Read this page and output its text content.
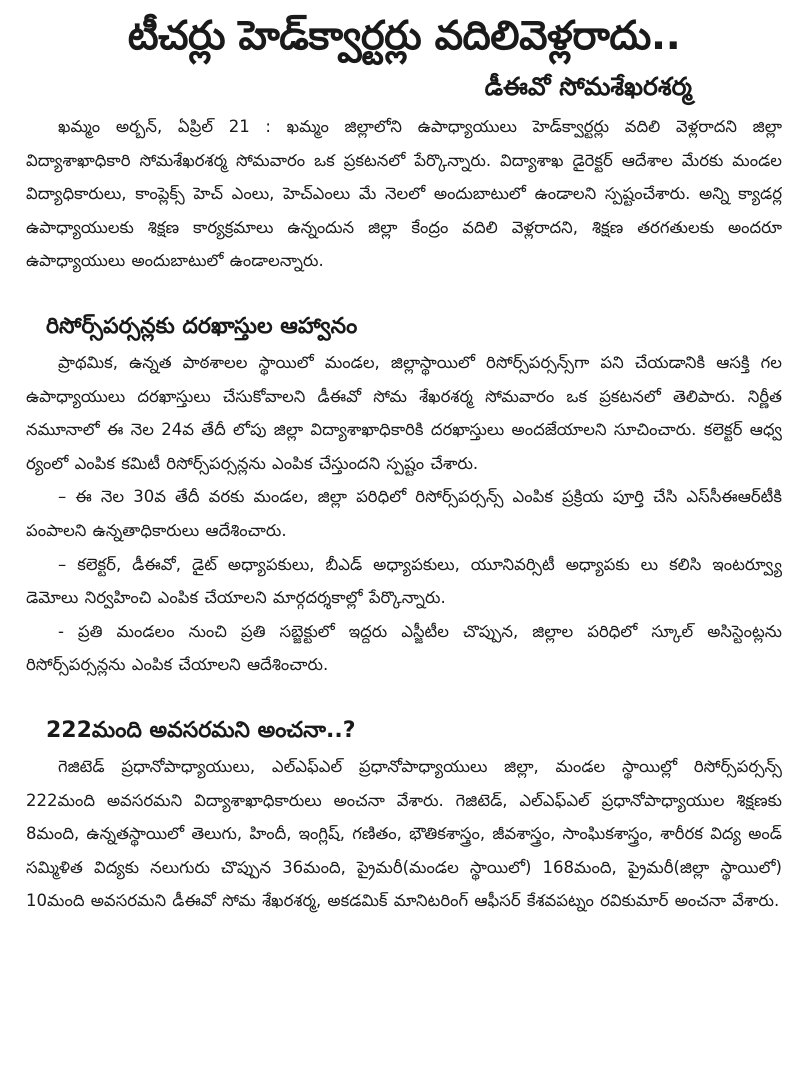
టీచర్లు హెడ్‌క్వార్టర్లు వదిలివెళ్లరాదు..
డీఈవో సోమశేఖరశర్మ

ఖమ్మం అర్బన్, ఏప్రిల్ 21 : ఖమ్మం జిల్లాలోని ఉపాధ్యాయులు హెడ్‌క్వార్టర్లు వదిలి వెళ్లరాదని జిల్లా విద్యాశాఖాధికారి సోమశేఖరశర్మ సోమవారం ఒక ప్రకటనలో పేర్కొన్నారు. విద్యాశాఖ డైరెక్టర్ ఆదేశాల మేరకు మండల విద్యాధికారులు, కాంప్లెక్స్ హెచ్ ఎంలు, హెచ్ఎంలు మే నెలలో అందుబాటులో ఉండాలని స్పష్టంచేశారు. అన్ని క్యాడర్ల ఉపాధ్యాయులకు శిక్షణ కార్యక్రమాలు ఉన్నందున జిల్లా కేంద్రం వదిలి వెళ్లరాదని, శిక్షణ తరగతులకు అందరూ ఉపాధ్యాయులు అందుబాటులో ఉండాలన్నారు.

రిసోర్స్‌పర్సన్లకు దరఖాస్తుల ఆహ్వానం

ప్రాథమిక, ఉన్నత పాఠశాలల స్థాయిలో మండల, జిల్లాస్థాయిలో రిసోర్స్‌పర్సన్స్‌గా పని చేయడానికి ఆసక్తి గల ఉపాధ్యాయులు దరఖాస్తులు చేసుకోవాలని డీఈవో సోమ శేఖరశర్మ సోమవారం ఒక ప్రకటనలో తెలిపారు. నిర్ణీత నమూనాలో ఈ నెల 24వ తేదీ లోపు జిల్లా విద్యాశాఖాధికారికి దరఖాస్తులు అందజేయాలని సూచించారు. కలెక్టర్ ఆధ్వ ర్యంలో ఎంపిక కమిటీ రిసోర్స్‌పర్సన్లను ఎంపిక చేస్తుందని స్పష్టం చేశారు.

– ఈ నెల 30వ తేదీ వరకు మండల, జిల్లా పరిధిలో రిసోర్స్‌పర్సన్స్ ఎంపిక ప్రక్రియ పూర్తి చేసి ఎస్‌సీఈఆర్‌టీకి పంపాలని ఉన్నతాధికారులు ఆదేశించారు.

– కలెక్టర్, డీఈవో, డైట్ అధ్యాపకులు, బీఎడ్ అధ్యాపకులు, యూనివర్సిటీ అధ్యాపకు లు కలిసి ఇంటర్వ్యూ డెమోలు నిర్వహించి ఎంపిక చేయాలని మార్గదర్శకాల్లో పేర్కొన్నారు.

- ప్రతి మండలం నుంచి ప్రతి సబ్జెక్టులో ఇద్దరు ఎస్జీటీల చొప్పున, జిల్లాల పరిధిలో స్కూల్ అసిస్టెంట్లను రిసోర్స్‌పర్సన్లను ఎంపిక చేయాలని ఆదేశించారు.

222మంది అవసరమని అంచనా..?

గెజిటెడ్ ప్రధానోపాధ్యాయులు, ఎల్ఎఫ్ఎల్ ప్రధానోపాధ్యాయులు జిల్లా, మండల స్థాయిల్లో రిసోర్స్‌పర్సన్స్ 222మంది అవసరమని విద్యాశాఖాధికారులు అంచనా వేశారు. గెజిటెడ్, ఎల్ఎఫ్ఎల్ ప్రధానోపాధ్యాయుల శిక్షణకు 8మంది, ఉన్నతస్థాయిలో తెలుగు, హిందీ, ఇంగ్లిష్, గణితం, భౌతికశాస్త్రం, జీవశాస్త్రం, సాంఘికశాస్త్రం, శారీరక విద్య అండ్ సమ్మిళిత విద్యకు నలుగురు చొప్పున 36మంది, ప్రైమరీ(మండల స్థాయిలో) 168మంది, ప్రైమరీ(జిల్లా స్థాయిలో) 10మంది అవసరమని డీఈవో సోమ శేఖరశర్మ, అకడమిక్ మానిటరింగ్ ఆఫీసర్ కేశవపట్నం రవికుమార్ అంచనా వేశారు.
